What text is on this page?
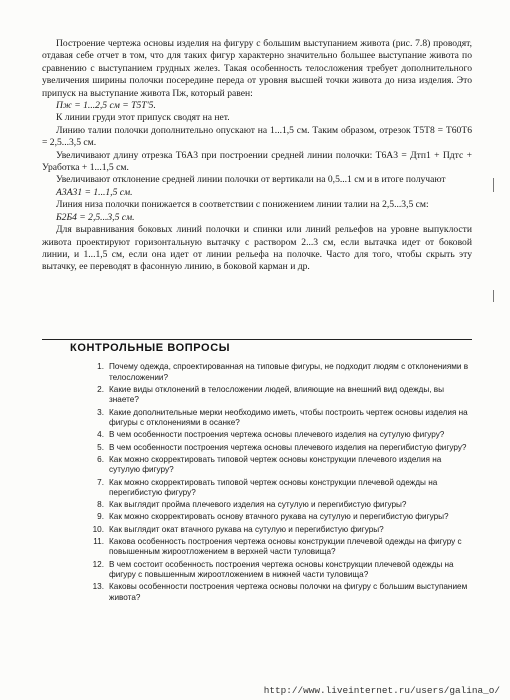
Построение чертежа основы изделия на фигуру с большим выступанием живота (рис. 7.8) проводят, отдавая себе отчет в том, что для таких фигур характерно значительно большее выступание живота по сравнению с выступанием грудных желез. Такая особенность телосложения требует дополнительного увеличения ширины полочки посередине переда от уровня высшей точки живота до низа изделия. Это припуск на выступание живота Пж, который равен:

Пж = 1...2,5 см = Т5Т'5.

К линии груди этот припуск сводят на нет.

Линию талии полочки дополнительно опускают на 1...1,5 см. Таким образом, отрезок Т5Т8 = Т60Т6 = 2,5...3,5 см.

Увеличивают длину отрезка Т6А3 при построении средней линии полочки: Т6А3 = Дтп1 + Пдтс + Уработка + 1...1,5 см.

Увеличивают отклонение средней линии полочки от вертикали на 0,5...1 см и в итоге получают

А3А31 = 1...1,5 см.

Линия низа полочки понижается в соответствии с понижением линии талии на 2,5...3,5 см:

Б2Б4 = 2,5...3,5 см.

Для выравнивания боковых линий полочки и спинки или линий рельефов на уровне выпуклости живота проектируют горизонтальную вытачку с раствором 2...3 см, если вытачка идет от боковой линии, и 1...1,5 см, если она идет от линии рельефа на полочке. Часто для того, чтобы скрыть эту вытачку, ее переводят в фасонную линию, в боковой карман и др.

КОНТРОЛЬНЫЕ ВОПРОСЫ
1. Почему одежда, спроектированная на типовые фигуры, не подходит людям с отклонениями в телосложении?
2. Какие виды отклонений в телосложении людей, влияющие на внешний вид одежды, вы знаете?
3. Какие дополнительные мерки необходимо иметь, чтобы построить чертеж основы изделия на фигуры с отклонениями в осанке?
4. В чем особенности построения чертежа основы плечевого изделия на сутулую фигуру?
5. В чем особенности построения чертежа основы плечевого изделия на перегибистую фигуру?
6. Как можно скорректировать типовой чертеж основы конструкции плечевого изделия на сутулую фигуру?
7. Как можно скорректировать типовой чертеж основы конструкции плечевой одежды на перегибистую фигуру?
8. Как выглядит пройма плечевого изделия на сутулую и перегибистую фигуры?
9. Как можно скорректировать основу втачного рукава на сутулую и перегибистую фигуры?
10. Как выглядит окат втачного рукава на сутулую и перегибистую фигуры?
11. Какова особенность построения чертежа основы конструкции плечевой одежды на фигуру с повышенным жироотложением в верхней части туловища?
12. В чем состоит особенность построения чертежа основы конструкции плечевой одежды на фигуру с повышенным жироотложением в нижней части туловища?
13. Каковы особенности построения чертежа основы полочки на фигуру с большим выступанием живота?
http://www.liveinternet.ru/users/galina_o/
